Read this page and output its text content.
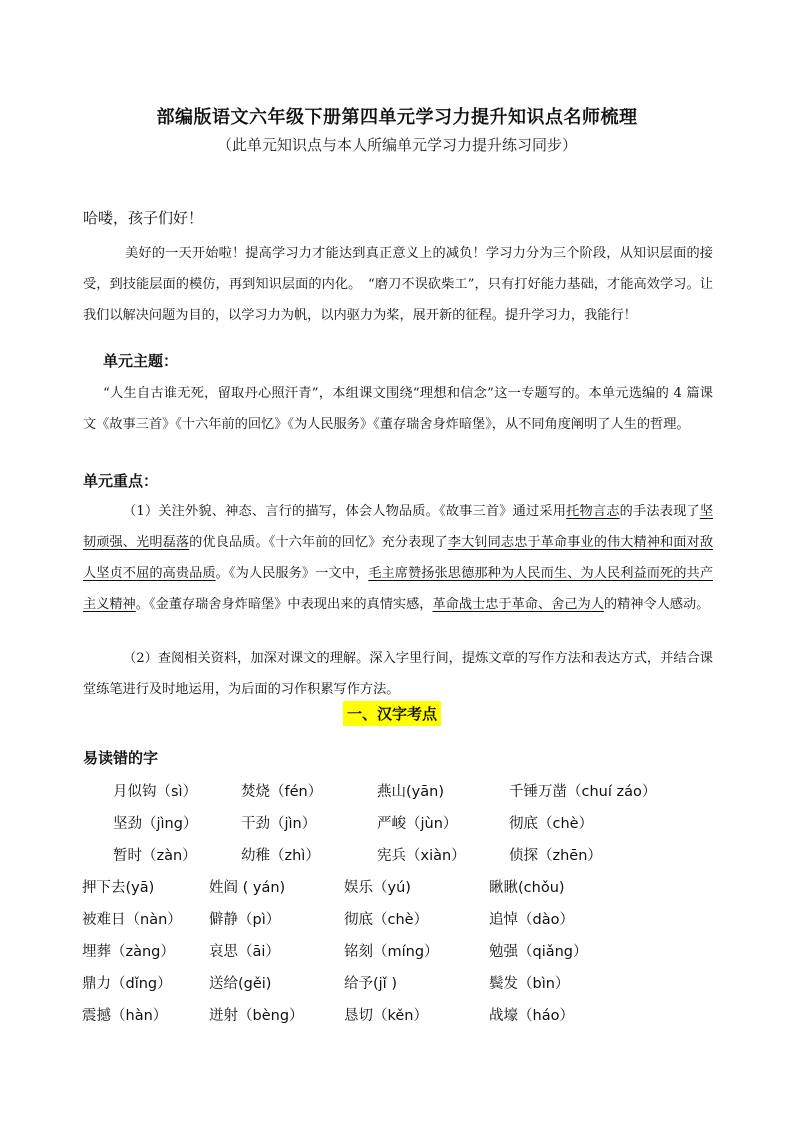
部编版语文六年级下册第四单元学习力提升知识点名师梳理
（此单元知识点与本人所编单元学习力提升练习同步）
哈喽，孩子们好！
美好的一天开始啦！提高学习力才能达到真正意义上的减负！学习力分为三个阶段，从知识层面的接受，到技能层面的模仿，再到知识层面的内化。　“磨刀不误砍柴工”，只有打好能力基础，才能高效学习。让我们以解决问题为目的，以学习力为帆，以内驱力为桨，展开新的征程。提升学习力，我能行！
单元主题：
“人生自古谁无死，留取丹心照汗青”，本组课文围绕“理想和信念”这一专题写的。本单元选编的 4 篇课文《故事三首》《十六年前的回忆》《为人民服务》《董存瑞舍身炸暗堡》，从不同角度阐明了人生的哲理。
单元重点：
（1）关注外貌、神态、言行的描写，体会人物品质。《故事三首》通过采用托物言志的手法表现了坚韧顽强、光明磊落的优良品质。《十六年前的回忆》充分表现了李大钊同志忠于革命事业的伟大精神和面对敌人坚贞不屈的高贵品质。《为人民服务》一文中，毛主席赞扬张思德那种为人民而生、为人民利益而死的共产主义精神。《金董存瑞舍身炸暗堡》中表现出来的真情实感，革命战士忠于革命、舍己为人的精神令人感动。
（2）查阅相关资料，加深对课文的理解。深入字里行间，提炼文章的写作方法和表达方式，并结合课堂练笔进行及时地运用，为后面的习作积累写作方法。
一、汉字考点
易读错的字
月似钩（sì）	焚烧（fén）	燕山(yān)	千锤万凿（chuí záo）
坚劲（jìng）	干劲（jìn）	严峻（jùn）	彻底（chè）
暂时（zàn）	幼稚（zhì）	宪兵（xiàn）	侦探（zhēn）
押下去(yā)	姓阎 ( yán)	娱乐（yú)	瞅瞅(chǒu)
被难日（nàn） 僻静（pì）	彻底（chè）	追悼（dào）
埋葬（zàng） 哀思（āi）	铭刻（míng）	勉强（qiǎng）
鼎力（dǐng）	送给(gěi)	给予(jǐ )	鬓发（bìn）
震撼（hàn）	迸射（bèng）	恳切（kěn）	战壕（háo）
